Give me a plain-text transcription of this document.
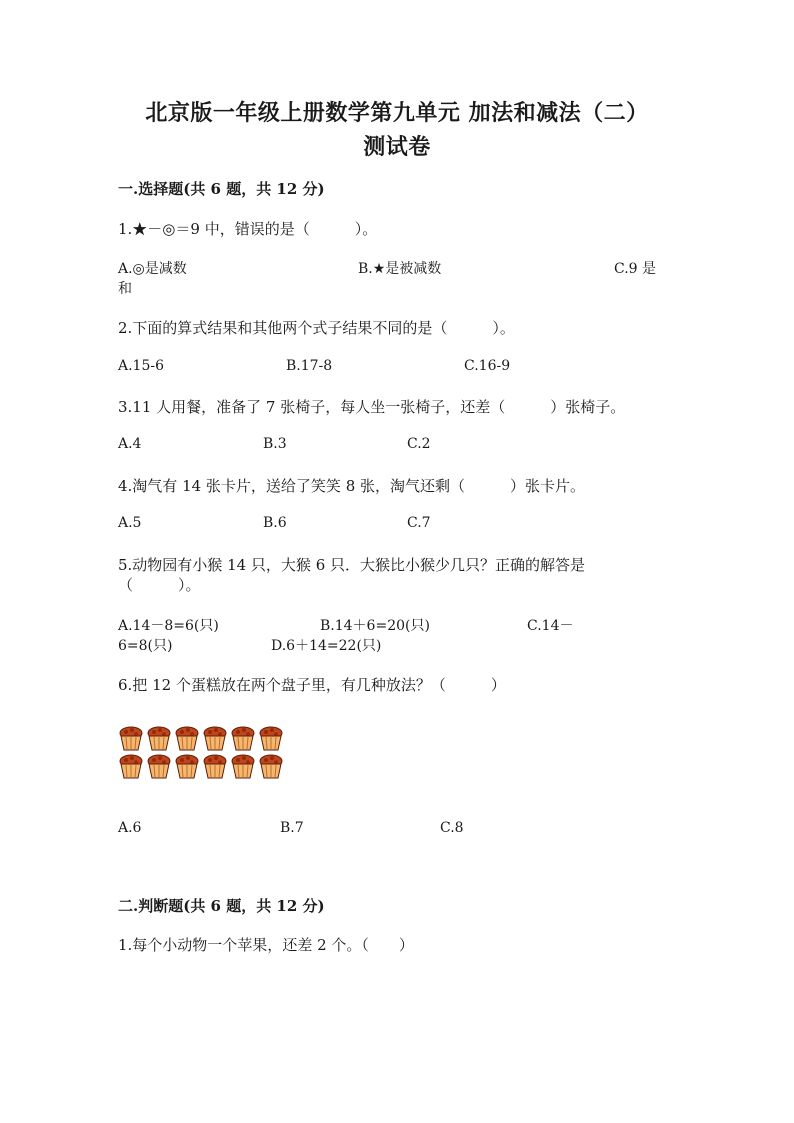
北京版一年级上册数学第九单元 加法和减法（二）
测试卷
一.选择题(共 6 题，共 12 分)
1.★－◎＝9 中，错误的是（　　　）。
A.◎是减数	B.★是被减数	C.9 是
和
2.下面的算式结果和其他两个式子结果不同的是（　　　）。
A.15-6	B.17-8	C.16-9
3.11 人用餐，准备了 7 张椅子，每人坐一张椅子，还差（　　　）张椅子。
A.4	B.3	C.2
4.淘气有 14 张卡片，送给了笑笑 8 张，淘气还剩（　　　）张卡片。
A.5	B.6	C.7
5.动物园有小猴 14 只，大猴 6 只．大猴比小猴少几只？正确的解答是
（　　　）。
A.14－8=6(只)	B.14＋6=20(只)	C.14－
6=8(只)	D.6＋14=22(只)
6.把 12 个蛋糕放在两个盘子里，有几种放法？（　　　）
A.6	B.7	C.8
二.判断题(共 6 题，共 12 分)
1.每个小动物一个苹果，还差 2 个。（　　）
